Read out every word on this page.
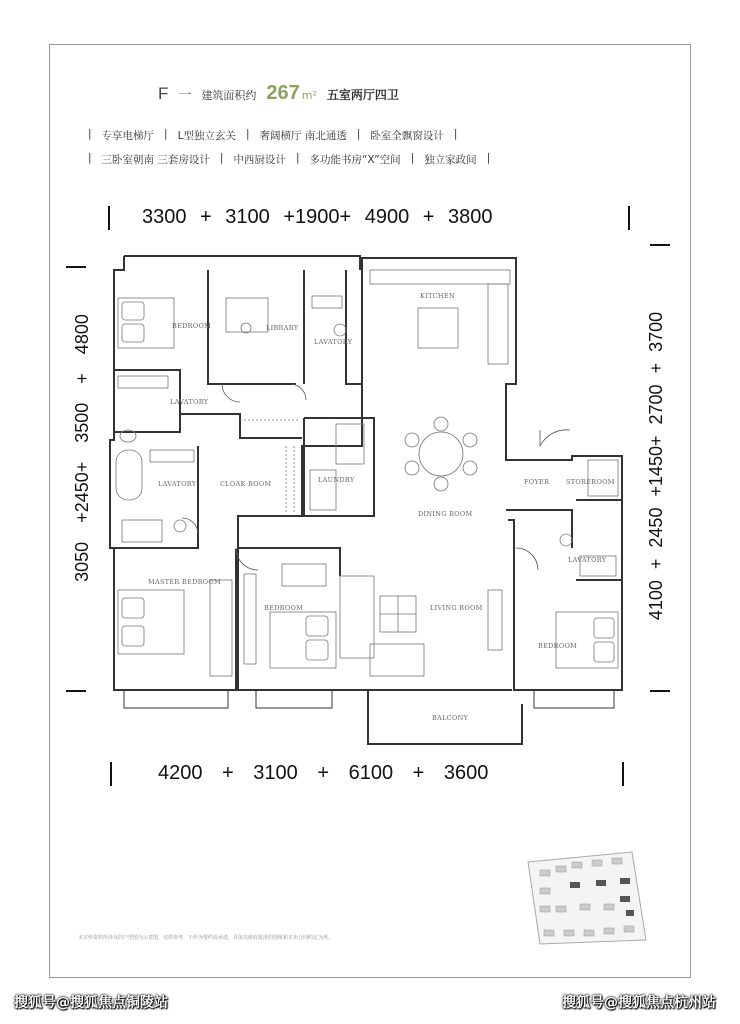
F 一 建筑面积约 267 m² 五室两厅四卫
| 专享电梯厅 | L型独立玄关 | 奢阔横厅 南北通透 | 卧室全飘窗设计 |
| 三卧室朝南 三套房设计 | 中西厨设计 | 多功能书房“X”空间 | 独立家政间 |
3300 + 3100 +1900+ 4900 + 3800
4200 + 3100 + 6100 + 3600
3050 +2450+ 3500 + 4800	4100 + 2450 +1450+ 2700 + 3700
BEDROOM	LIBRARY
LAVATORY
KITCHEN
LAVATORY
LAVATORY	CLOAK ROOM	LAUNDRY
DINING ROOM
FOYER	STOREROOM
LAVATORY
MASTER BEDROOM
BEDROOM	LIVING ROOM
BEDROOM
BALCONY
本宣传资料所涉及的户型图为示意图，仅供参考，不作为要约或承诺，具体以政府批准的图纸和买卖合同约定为准。
搜狐号@搜狐焦点铜陵站	搜狐号@搜狐焦点杭州站
